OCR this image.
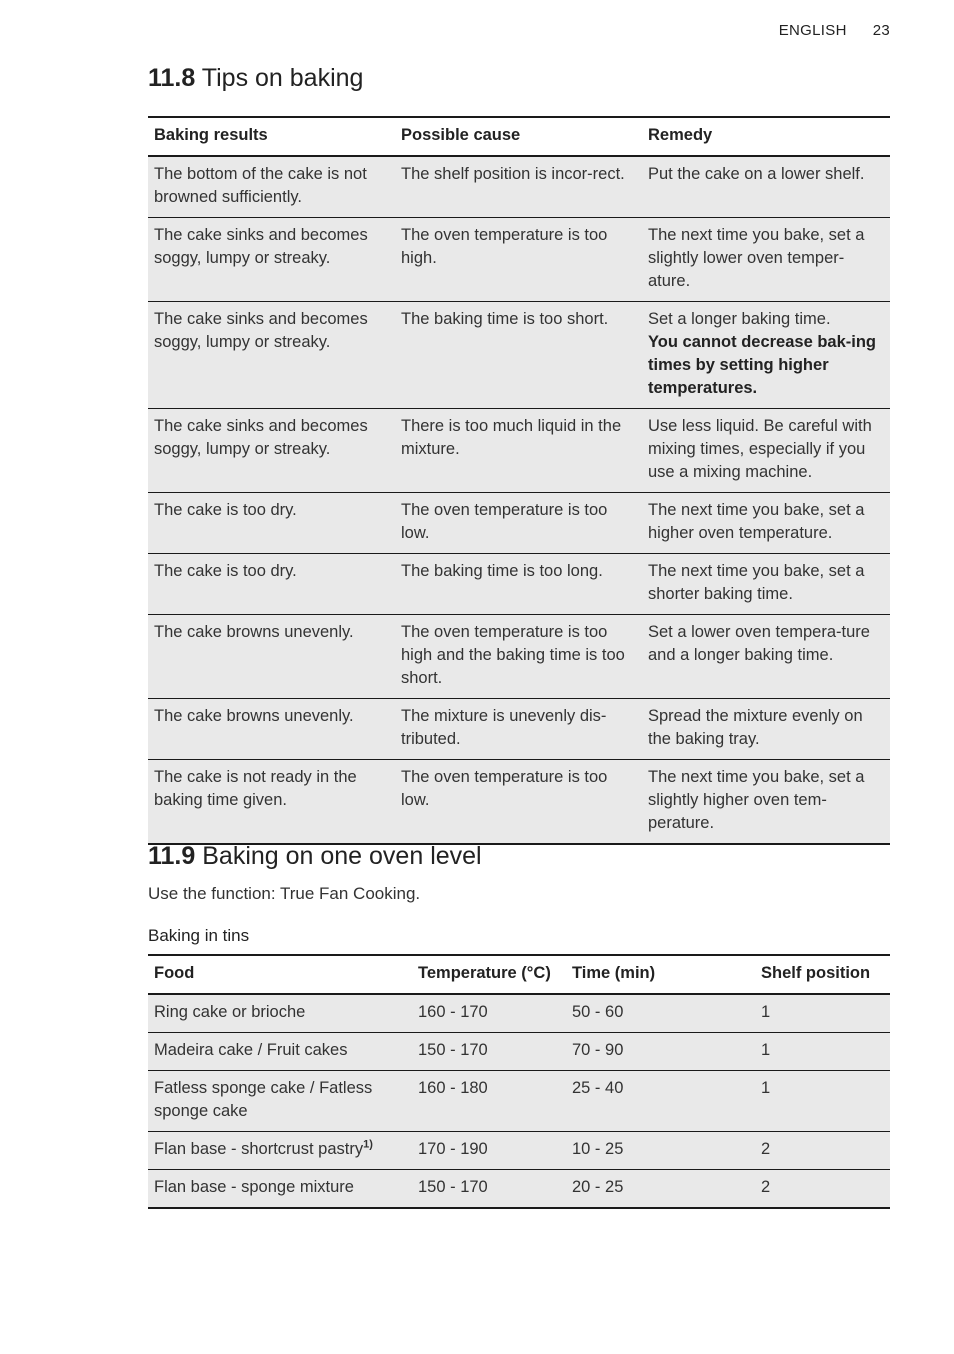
ENGLISH 23
11.8 Tips on baking
Baking results	Possible cause	Remedy
The bottom of the cake is not browned sufficiently.	The shelf position is incor-rect.	Put the cake on a lower shelf.

The cake sinks and becomes soggy, lumpy or streaky.	The oven temperature is too high.	The next time you bake, set a slightly lower oven temper-ature.

The cake sinks and becomes soggy, lumpy or streaky.	The baking time is too short.	Set a longer baking time.
You cannot decrease bak-ing times by setting higher temperatures.
The cake sinks and becomes soggy, lumpy or streaky.	There is too much liquid in the mixture.	Use less liquid. Be careful with mixing times, especially if you use a mixing machine.

The cake is too dry.	The oven temperature is too low.	The next time you bake, set a higher oven temperature.

The cake is too dry.	The baking time is too long.	The next time you bake, set a shorter baking time.

The cake browns unevenly.	The oven temperature is too high and the baking time is too short.	Set a lower oven tempera-ture and a longer baking time.

The cake browns unevenly.	The mixture is unevenly dis-tributed.	Spread the mixture evenly on the baking tray.

The cake is not ready in the baking time given.	The oven temperature is too low.	The next time you bake, set a slightly higher oven tem-perature.
11.9 Baking on one oven level

Use the function: True Fan Cooking.

Baking in tins
Food	Temperature (°C)	Time (min)	Shelf position
Ring cake or brioche	160 - 170	50 - 60	1
Madeira cake / Fruit cakes	150 - 170	70 - 90	1
Fatless sponge cake / Fatless sponge cake	160 - 180	25 - 40	1
Flan base - shortcrust pastry$^{1)}$	170 - 190	10 - 25	2
Flan base - sponge mixture	150 - 170	20 - 25	2
